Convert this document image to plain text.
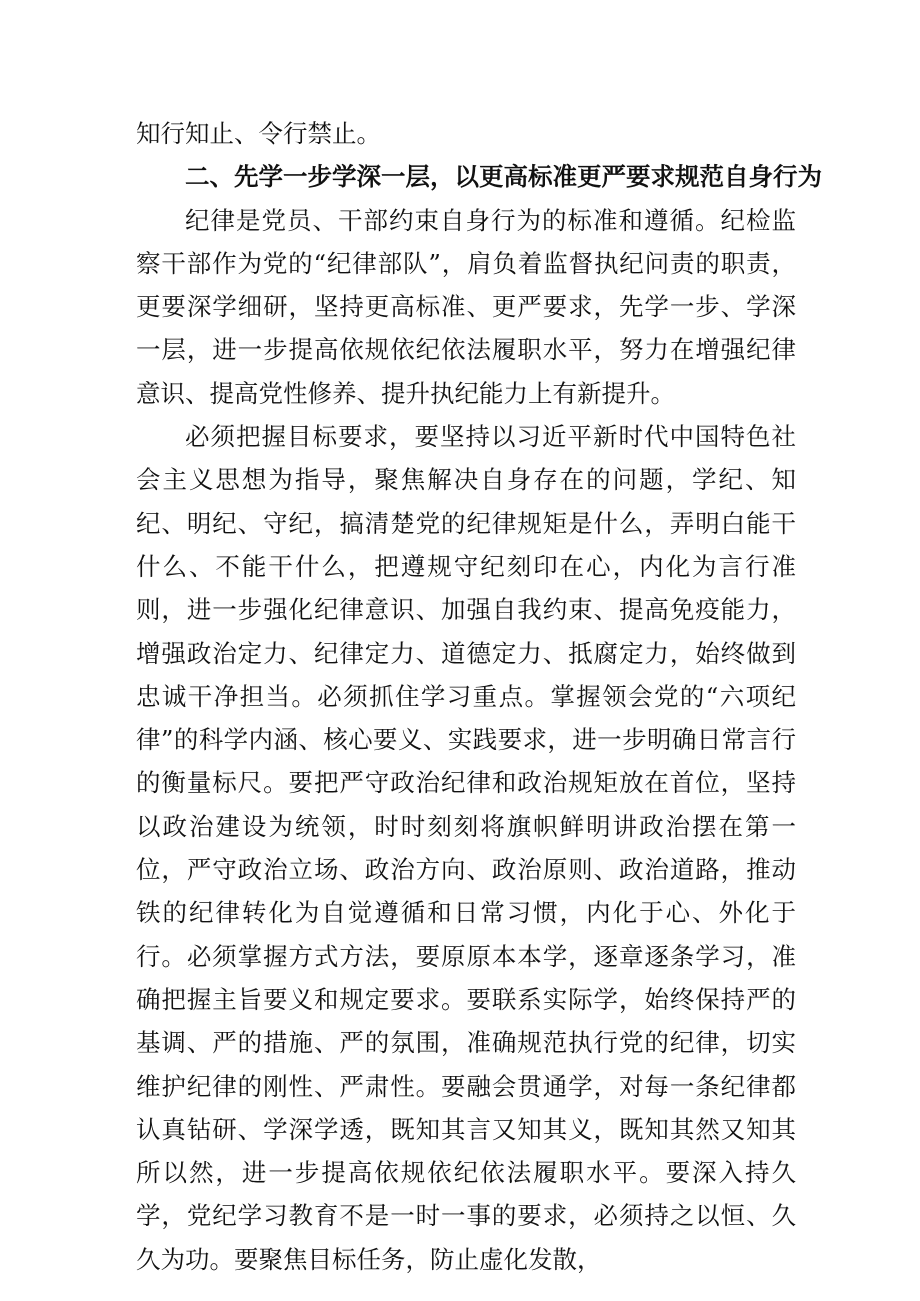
知行知止、令行禁止。

二、先学一步学深一层，以更高标准更严要求规范自身行为

纪律是党员、干部约束自身行为的标准和遵循。纪检监察干部作为党的“纪律部队”，肩负着监督执纪问责的职责，更要深学细研，坚持更高标准、更严要求，先学一步、学深一层，进一步提高依规依纪依法履职水平，努力在增强纪律意识、提高党性修养、提升执纪能力上有新提升。

必须把握目标要求，要坚持以习近平新时代中国特色社会主义思想为指导，聚焦解决自身存在的问题，学纪、知纪、明纪、守纪，搞清楚党的纪律规矩是什么，弄明白能干什么、不能干什么，把遵规守纪刻印在心，内化为言行准则，进一步强化纪律意识、加强自我约束、提高免疫能力，增强政治定力、纪律定力、道德定力、抵腐定力，始终做到忠诚干净担当。必须抓住学习重点。掌握领会党的“六项纪律”的科学内涵、核心要义、实践要求，进一步明确日常言行的衡量标尺。要把严守政治纪律和政治规矩放在首位，坚持以政治建设为统领，时时刻刻将旗帜鲜明讲政治摆在第一位，严守政治立场、政治方向、政治原则、政治道路，推动铁的纪律转化为自觉遵循和日常习惯，内化于心、外化于行。必须掌握方式方法，要原原本本学，逐章逐条学习，准确把握主旨要义和规定要求。要联系实际学，始终保持严的基调、严的措施、严的氛围，准确规范执行党的纪律，切实维护纪律的刚性、严肃性。要融会贯通学，对每一条纪律都认真钻研、学深学透，既知其言又知其义，既知其然又知其所以然，进一步提高依规依纪依法履职水平。要深入持久学，党纪学习教育不是一时一事的要求，必须持之以恒、久久为功。要聚焦目标任务，防止虚化发散，
